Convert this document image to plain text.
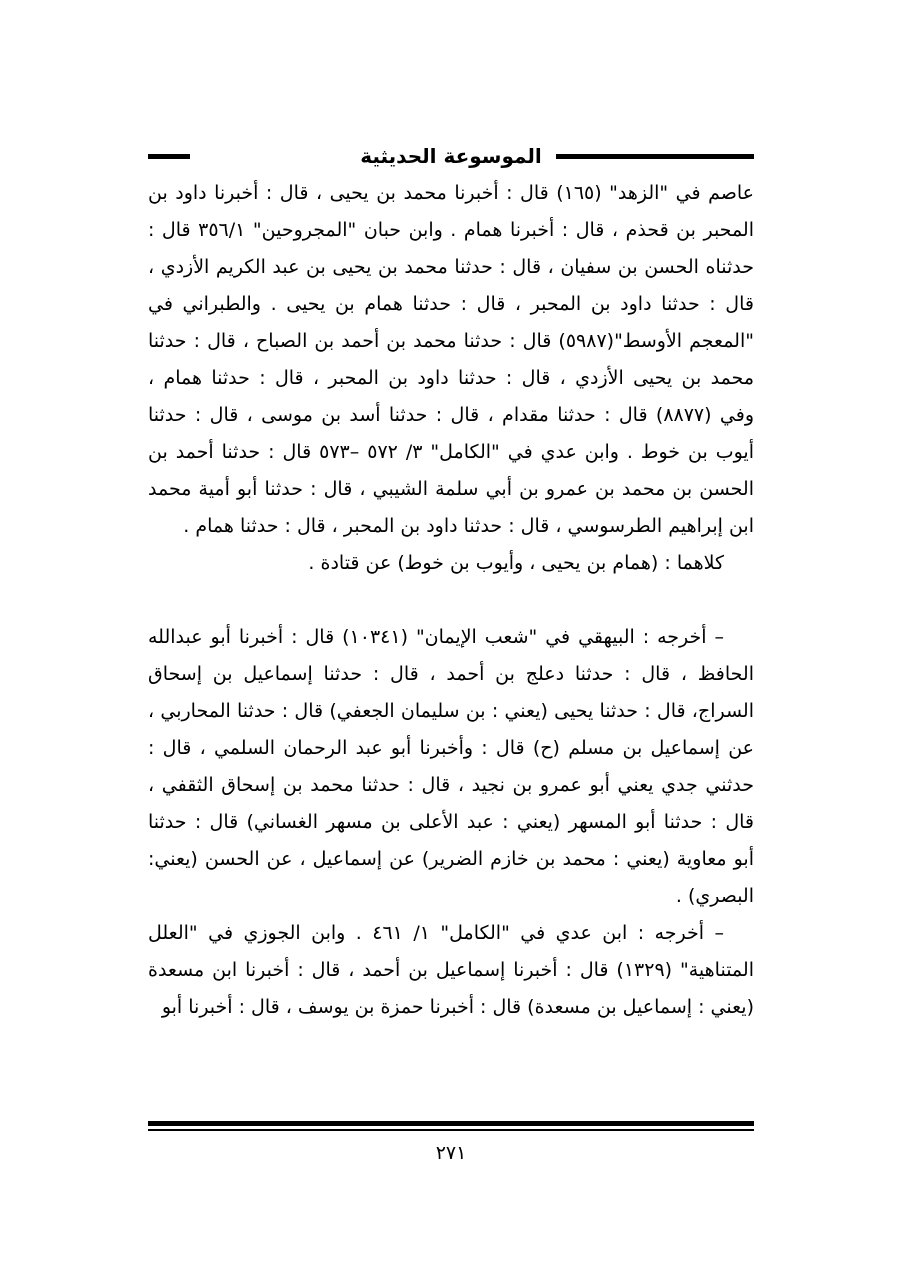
الموسوعة الحديثية
عاصم في "الزهد" (١٦٥) قال : أخبرنا محمد بن يحيى ، قال : أخبرنا داود بن
المحبر بن قحذم ، قال : أخبرنا همام . وابن حبان "المجروحين" ٣٥٦/١ قال :
حدثناه الحسن بن سفيان ، قال : حدثنا محمد بن يحيى بن عبد الكريم الأزدي ،
قال : حدثنا داود بن المحبر ، قال : حدثنا همام بن يحيى . والطبراني في
"المعجم الأوسط"(٥٩٨٧) قال : حدثنا محمد بن أحمد بن الصباح ، قال : حدثنا
محمد بن يحيى الأزدي ، قال : حدثنا داود بن المحبر ، قال : حدثنا همام ،
وفي (٨٨٧٧) قال : حدثنا مقدام ، قال : حدثنا أسد بن موسى ، قال : حدثنا
أيوب بن خوط . وابن عدي في "الكامل" ٣/ ٥٧٢ –٥٧٣ قال : حدثنا أحمد بن
الحسن بن محمد بن عمرو بن أبي سلمة الشيبي ، قال : حدثنا أبو أمية محمد
ابن إبراهيم الطرسوسي ، قال : حدثنا داود بن المحبر ، قال : حدثنا همام .
كلاهما : (همام بن يحيى ، وأيوب بن خوط) عن قتادة .
– أخرجه : البيهقي في "شعب الإيمان" (١٠٣٤١) قال : أخبرنا أبو عبدالله
الحافظ ، قال : حدثنا دعلج بن أحمد ، قال : حدثنا إسماعيل بن إسحاق
السراج، قال : حدثنا يحيى (يعني : بن سليمان الجعفي) قال : حدثنا المحاربي ،
عن إسماعيل بن مسلم (ح) قال : وأخبرنا أبو عبد الرحمان السلمي ، قال :
حدثني جدي يعني أبو عمرو بن نجيد ، قال : حدثنا محمد بن إسحاق الثقفي ،
قال : حدثنا أبو المسهر (يعني : عبد الأعلى بن مسهر الغساني) قال : حدثنا
أبو معاوية (يعني : محمد بن خازم الضرير) عن إسماعيل ، عن الحسن (يعني:
البصري) .
– أخرجه : ابن عدي في "الكامل" ١/ ٤٦١ . وابن الجوزي في "العلل
المتناهية" (١٣٢٩) قال : أخبرنا إسماعيل بن أحمد ، قال : أخبرنا ابن مسعدة
(يعني : إسماعيل بن مسعدة) قال : أخبرنا حمزة بن يوسف ، قال : أخبرنا أبو
٢٧١
